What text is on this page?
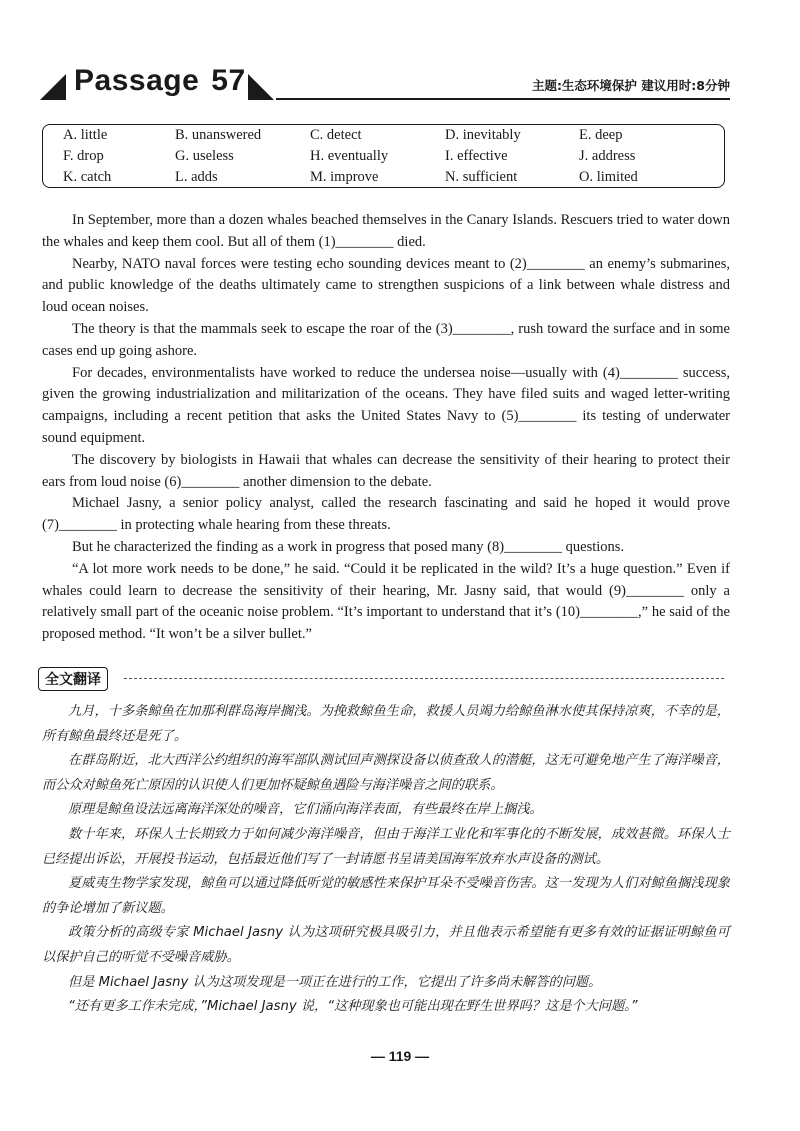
Passage 57	主题:生态环境保护 建议用时:8分钟
A. little	B. unanswered	C. detect	D. inevitably	E. deep
F. drop	G. useless	H. eventually	I. effective	J. address
K. catch	L. adds	M. improve	N. sufficient	O. limited

In September, more than a dozen whales beached themselves in the Canary Islands. Rescuers tried to water down the whales and keep them cool. But all of them (1)________ died.

Nearby, NATO naval forces were testing echo sounding devices meant to (2)________ an enemy’s submarines, and public knowledge of the deaths ultimately came to strengthen suspicions of a link between whale distress and loud ocean noises.

The theory is that the mammals seek to escape the roar of the (3)________, rush toward the surface and in some cases end up going ashore.

For decades, environmentalists have worked to reduce the undersea noise—usually with (4)________ success, given the growing industrialization and militarization of the oceans. They have filed suits and waged letter-writing campaigns, including a recent petition that asks the United States Navy to (5)________ its testing of underwater sound equipment.

The discovery by biologists in Hawaii that whales can decrease the sensitivity of their hearing to protect their ears from loud noise (6)________ another dimension to the debate.

Michael Jasny, a senior policy analyst, called the research fascinating and said he hoped it would prove (7)________ in protecting whale hearing from these threats.

But he characterized the finding as a work in progress that posed many (8)________ questions.

“A lot more work needs to be done,” he said. “Could it be replicated in the wild? It’s a huge question.” Even if whales could learn to decrease the sensitivity of their hearing, Mr. Jasny said, that would (9)________ only a relatively small part of the oceanic noise problem. “It’s important to understand that it’s (10)________,” he said of the proposed method. “It won’t be a silver bullet.”

全文翻译

九月，十多条鲸鱼在加那利群岛海岸搁浅。为挽救鲸鱼生命，救援人员竭力给鲸鱼淋水使其保持凉爽，不幸的是，所有鲸鱼最终还是死了。

在群岛附近，北大西洋公约组织的海军部队测试回声测探设备以侦查敌人的潜艇，这无可避免地产生了海洋噪音，而公众对鲸鱼死亡原因的认识使人们更加怀疑鲸鱼遇险与海洋噪音之间的联系。

原理是鲸鱼设法远离海洋深处的噪音，它们涌向海洋表面，有些最终在岸上搁浅。

数十年来，环保人士长期致力于如何减少海洋噪音，但由于海洋工业化和军事化的不断发展，成效甚微。环保人士已经提出诉讼，开展投书运动，包括最近他们写了一封请愿书呈请美国海军放弃水声设备的测试。

夏威夷生物学家发现，鲸鱼可以通过降低听觉的敏感性来保护耳朵不受噪音伤害。这一发现为人们对鲸鱼搁浅现象的争论增加了新议题。

政策分析的高级专家 Michael Jasny 认为这项研究极具吸引力，并且他表示希望能有更多有效的证据证明鲸鱼可以保护自己的听觉不受噪音威胁。

但是 Michael Jasny 认为这项发现是一项正在进行的工作，它提出了许多尚未解答的问题。

“还有更多工作未完成，”Michael Jasny 说，“这种现象也可能出现在野生世界吗？这是个大问题。”

— 119 —
